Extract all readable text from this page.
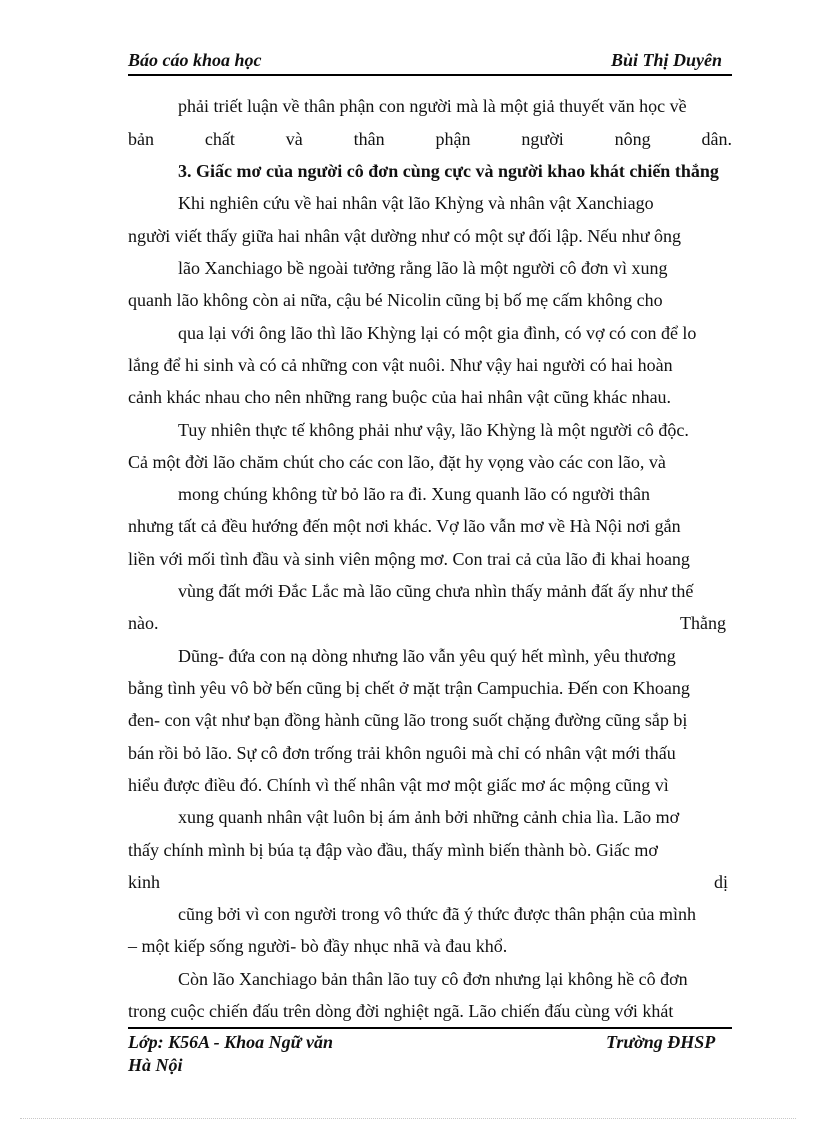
Báo cáo khoa học	Bùi Thị Duyên
phải triết luận về thân phận con người mà là một giả thuyết văn học về
bản chất và thân phận người nông dân.
3. Giấc mơ của người cô đơn cùng cực và người khao khát chiến thắng
Khi nghiên cứu về hai nhân vật lão Khỳng và nhân vật Xanchiago
người viết thấy giữa hai nhân vật dường như có một sự đối lập. Nếu như ông
lão Xanchiago bề ngoài tưởng rằng lão là một người cô đơn vì xung
quanh lão không còn ai nữa, cậu bé Nicolin cũng bị bố mẹ cấm không cho
qua lại với ông lão thì lão Khỳng lại có một gia đình, có vợ có con để lo
lắng để hi sinh và có cả những con vật nuôi. Như vậy hai người có hai hoàn
cảnh khác nhau cho nên những rang buộc của hai nhân vật cũng khác nhau.
Tuy nhiên thực tế không phải như vậy, lão Khỳng là một người cô độc.
Cả một đời lão chăm chút cho các con lão, đặt hy vọng vào các con lão, và
mong chúng không từ bỏ lão ra đi. Xung quanh lão có người thân
nhưng tất cả đều hướng đến một nơi khác. Vợ lão vẫn mơ về Hà Nội nơi gắn
liền với mối tình đầu và sinh viên mộng mơ. Con trai cả của lão đi khai hoang
vùng đất mới Đắc Lắc mà lão cũng chưa nhìn thấy mảnh đất ấy như thế
nào.	Thằng
Dũng- đứa con nạ dòng nhưng lão vẫn yêu quý hết mình, yêu thương
bằng tình yêu vô bờ bến cũng bị chết ở mặt trận Campuchia. Đến con Khoang
đen- con vật như bạn đồng hành cũng lão trong suốt chặng đường cũng sắp bị
bán rồi bỏ lão. Sự cô đơn trống trải khôn nguôi mà chỉ có nhân vật mới thấu
hiểu được điều đó. Chính vì thế nhân vật mơ một giấc mơ ác mộng cũng vì
xung quanh nhân vật luôn bị ám ảnh bởi những cảnh chia lìa. Lão mơ
thấy chính mình bị búa tạ đập vào đầu, thấy mình biến thành bò. Giấc mơ
kinh	dị
cũng bởi vì con người trong vô thức đã ý thức được thân phận của mình
– một kiếp sống người- bò đầy nhục nhã và đau khổ.
Còn lão Xanchiago bản thân lão tuy cô đơn nhưng lại không hề cô đơn
trong cuộc chiến đấu trên dòng đời nghiệt ngã. Lão chiến đấu cùng với khát
Lớp: K56A - Khoa Ngữ văn
Hà Nội
Trường ĐHSP
